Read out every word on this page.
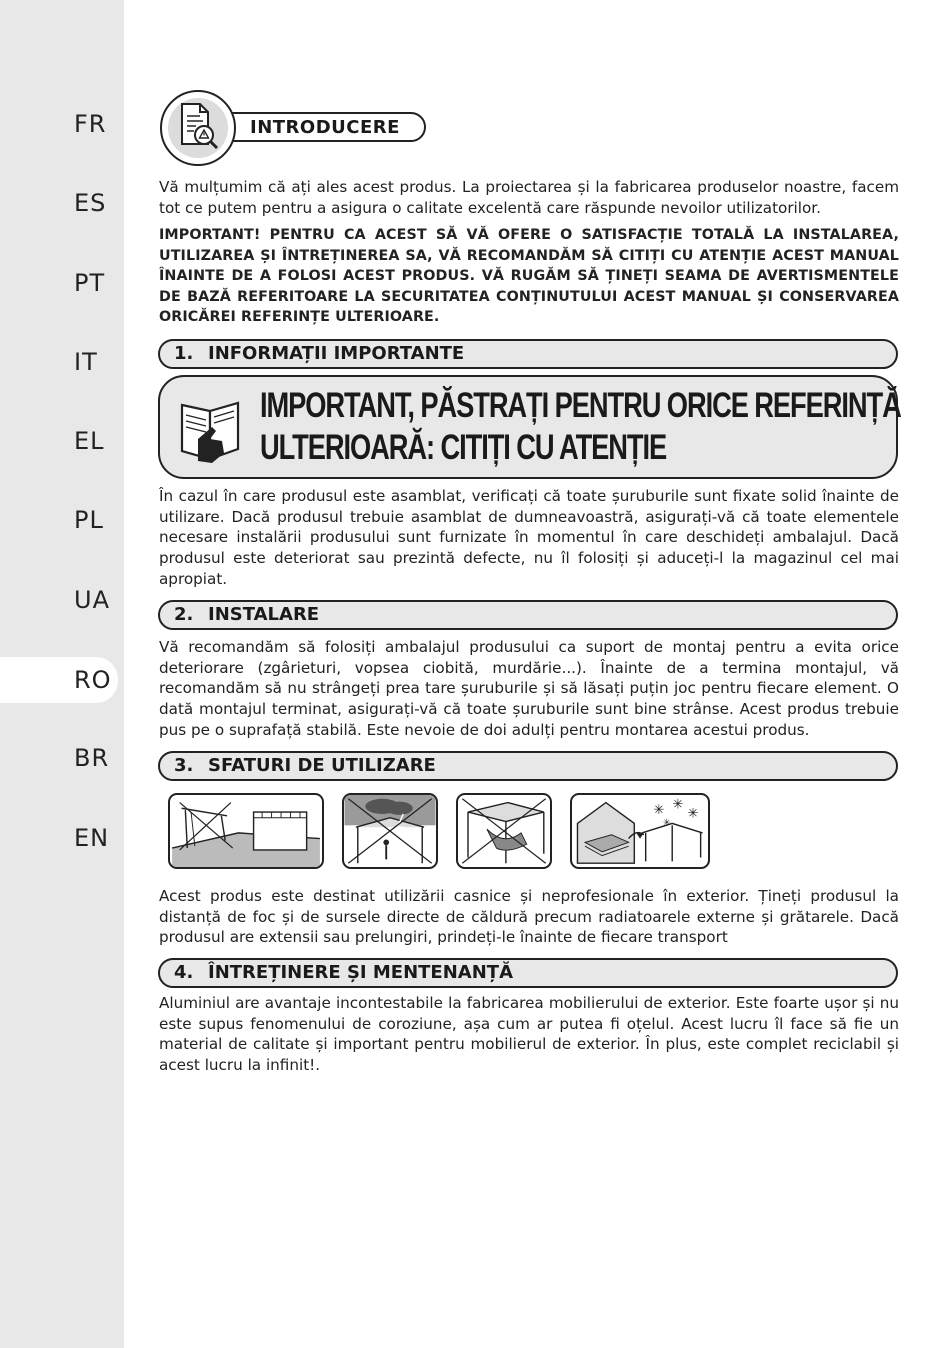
FR
ES
PT
IT
EL
PL
UA
RO
BR
EN
INTRODUCERE

Vă mulțumim că ați ales acest produs. La proiectarea și la fabricarea produselor noastre, facem tot ce putem pentru a asigura o calitate excelentă care răspunde nevoilor utilizatorilor.

IMPORTANT! PENTRU CA ACEST SĂ VĂ OFERE O SATISFACȚIE TOTALĂ LA INSTALAREA, UTILIZAREA ȘI ÎNTREȚINEREA SA, VĂ RECOMANDĂM SĂ CITIȚI CU ATENȚIE ACEST MANUAL ÎNAINTE DE A FOLOSI ACEST PRODUS. VĂ RUGĂM SĂ ȚINEȚI SEAMA DE AVERTISMENTELE DE BAZĂ REFERITOARE LA SECURITATEA CONȚINUTULUI ACEST MANUAL ȘI CONSERVAREA ORICĂREI REFERINȚE ULTERIOARE.

1. INFORMAȚII IMPORTANTE
IMPORTANT, PĂSTRAȚI PENTRU ORICE REFERINȚĂ
ULTERIOARĂ: CITIȚI CU ATENȚIE

În cazul în care produsul este asamblat, verificați că toate șuruburile sunt fixate solid înainte de utilizare. Dacă produsul trebuie asamblat de dumneavoastră, asigurați-vă că toate elementele necesare instalării produsului sunt furnizate în momentul în care deschideți ambalajul. Dacă produsul este deteriorat sau prezintă defecte, nu îl folosiți și aduceți-l la magazinul cel mai apropiat.

2. INSTALARE

Vă recomandăm să folosiți ambalajul produsului ca suport de montaj pentru a evita orice deteriorare (zgârieturi, vopsea ciobită, murdărie...). Înainte de a termina montajul, vă recomandăm să nu strângeți prea tare șuruburile și să lăsați puțin joc pentru fiecare element. O dată montajul terminat, asigurați-vă că toate șuruburile sunt bine strânse. Acest produs trebuie pus pe o suprafață stabilă. Este nevoie de doi adulți pentru montarea acestui produs.

3. SFATURI DE UTILIZARE
✳ ✳
✳
✳

Acest produs este destinat utilizării casnice și neprofesionale în exterior. Țineți produsul la distanță de foc și de sursele directe de căldură precum radiatoarele externe și grătarele. Dacă produsul are extensii sau prelungiri, prindeți-le înainte de fiecare transport

4. ÎNTREȚINERE ȘI MENTENANȚĂ

Aluminiul are avantaje incontestabile la fabricarea mobilierului de exterior. Este foarte ușor și nu este supus fenomenului de coroziune, așa cum ar putea fi oțelul. Acest lucru îl face să fie un material de calitate și important pentru mobilierul de exterior. În plus, este complet reciclabil și acest lucru la infinit!.
